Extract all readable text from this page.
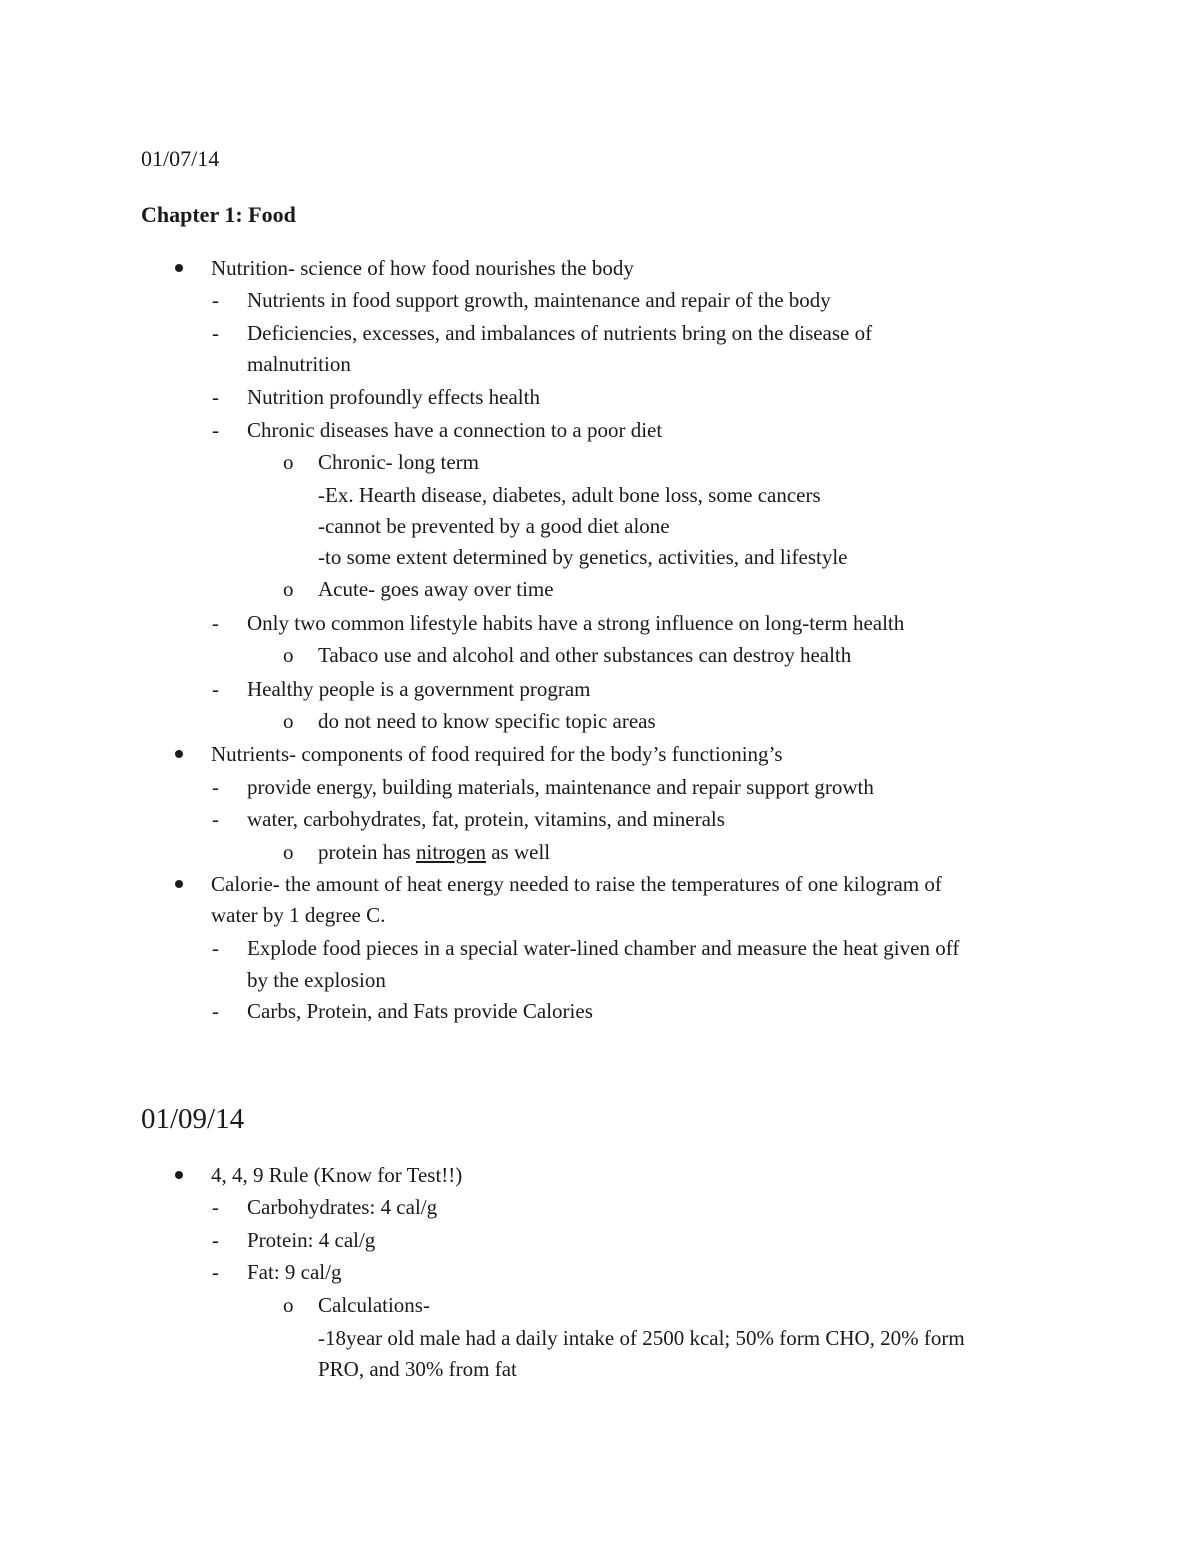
01/07/14
Chapter 1: Food
Nutrition- science of how food nourishes the body
- Nutrients in food support growth, maintenance and repair of the body
- Deficiencies, excesses, and imbalances of nutrients bring on the disease of
malnutrition
- Nutrition profoundly effects health
- Chronic diseases have a connection to a poor diet
o Chronic- long term
-Ex. Hearth disease, diabetes, adult bone loss, some cancers
-cannot be prevented by a good diet alone
-to some extent determined by genetics, activities, and lifestyle
o Acute- goes away over time
- Only two common lifestyle habits have a strong influence on long-term health
o Tabaco use and alcohol and other substances can destroy health
- Healthy people is a government program
o do not need to know specific topic areas
Nutrients- components of food required for the body’s functioning’s
- provide energy, building materials, maintenance and repair support growth
- water, carbohydrates, fat, protein, vitamins, and minerals
o protein has nitrogen as well
Calorie- the amount of heat energy needed to raise the temperatures of one kilogram of
water by 1 degree C.
- Explode food pieces in a special water-lined chamber and measure the heat given off
by the explosion
- Carbs, Protein, and Fats provide Calories
01/09/14
4, 4, 9 Rule (Know for Test!!)
- Carbohydrates: 4 cal/g
- Protein: 4 cal/g
- Fat: 9 cal/g
o Calculations-
-18year old male had a daily intake of 2500 kcal; 50% form CHO, 20% form
PRO, and 30% from fat
